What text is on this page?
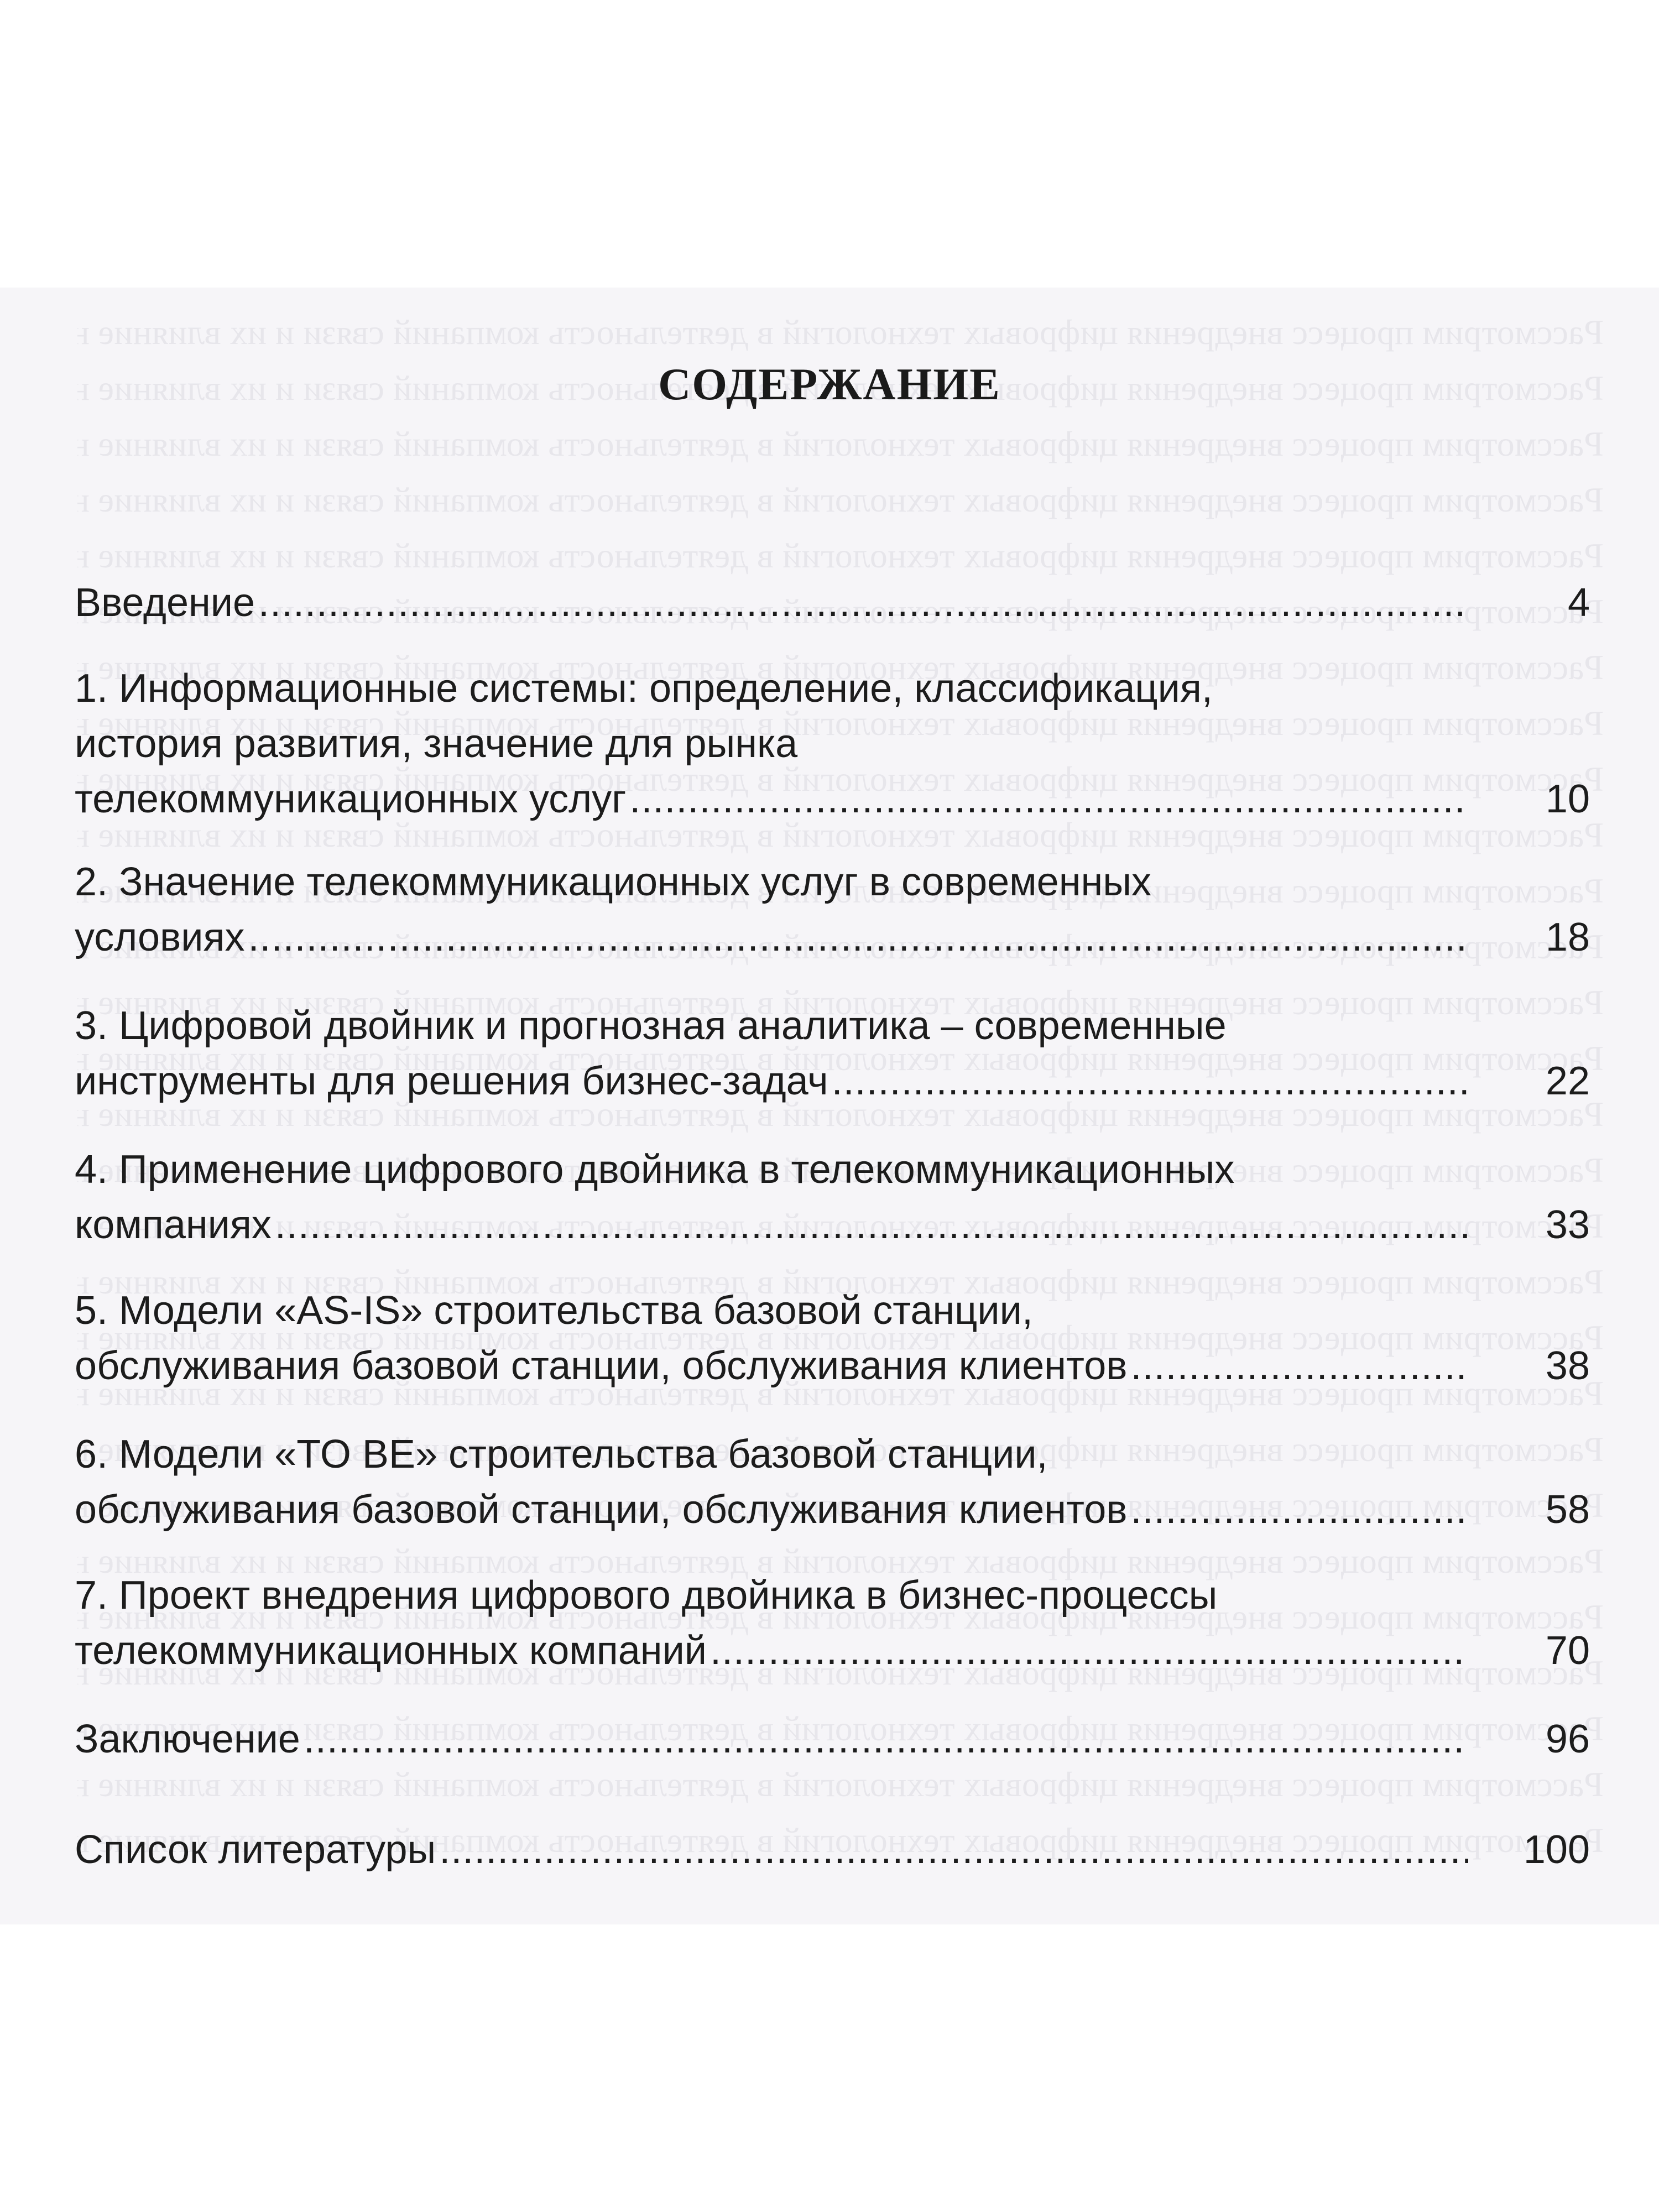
Рассмотрим процесс внедрения цифровых технологий в деятельность компаний связи и их влияние на рынок
Рассмотрим процесс внедрения цифровых технологий в деятельность компаний связи и их влияние на рынок
Рассмотрим процесс внедрения цифровых технологий в деятельность компаний связи и их влияние на рынок
Рассмотрим процесс внедрения цифровых технологий в деятельность компаний связи и их влияние на рынок
Рассмотрим процесс внедрения цифровых технологий в деятельность компаний связи и их влияние на рынок
Рассмотрим процесс внедрения цифровых технологий в деятельность компаний связи и их влияние на рынок
Рассмотрим процесс внедрения цифровых технологий в деятельность компаний связи и их влияние на рынок
Рассмотрим процесс внедрения цифровых технологий в деятельность компаний связи и их влияние на рынок
Рассмотрим процесс внедрения цифровых технологий в деятельность компаний связи и их влияние на рынок
Рассмотрим процесс внедрения цифровых технологий в деятельность компаний связи и их влияние на рынок
Рассмотрим процесс внедрения цифровых технологий в деятельность компаний связи и их влияние на рынок
Рассмотрим процесс внедрения цифровых технологий в деятельность компаний связи и их влияние на рынок
Рассмотрим процесс внедрения цифровых технологий в деятельность компаний связи и их влияние на рынок
Рассмотрим процесс внедрения цифровых технологий в деятельность компаний связи и их влияние на рынок
Рассмотрим процесс внедрения цифровых технологий в деятельность компаний связи и их влияние на рынок
Рассмотрим процесс внедрения цифровых технологий в деятельность компаний связи и их влияние на рынок
Рассмотрим процесс внедрения цифровых технологий в деятельность компаний связи и их влияние на рынок
Рассмотрим процесс внедрения цифровых технологий в деятельность компаний связи и их влияние на рынок
Рассмотрим процесс внедрения цифровых технологий в деятельность компаний связи и их влияние на рынок
Рассмотрим процесс внедрения цифровых технологий в деятельность компаний связи и их влияние на рынок
Рассмотрим процесс внедрения цифровых технологий в деятельность компаний связи и их влияние на рынок
Рассмотрим процесс внедрения цифровых технологий в деятельность компаний связи и их влияние на рынок
Рассмотрим процесс внедрения цифровых технологий в деятельность компаний связи и их влияние на рынок
Рассмотрим процесс внедрения цифровых технологий в деятельность компаний связи и их влияние на рынок
Рассмотрим процесс внедрения цифровых технологий в деятельность компаний связи и их влияние на рынок
Рассмотрим процесс внедрения цифровых технологий в деятельность компаний связи и их влияние на рынок
Рассмотрим процесс внедрения цифровых технологий в деятельность компаний связи и их влияние на рынок
Рассмотрим процесс внедрения цифровых технологий в деятельность компаний связи и их влияние на рынок
СОДЕРЖАНИЕ
Введение .....	4
1. Информационные системы: определение, классификация,
история развития, значение для рынка
телекоммуникационных услуг .....	10
2. Значение телекоммуникационных услуг в современных
условиях .....	18
3. Цифровой двойник и прогнозная аналитика – современные
инструменты для решения бизнес-задач .....	22
4. Применение цифрового двойника в телекоммуникационных
компаниях .....	33
5. Модели «AS-IS» строительства базовой станции,
обслуживания базовой станции, обслуживания клиентов .....	38
6. Модели «TO BE» строительства базовой станции,
обслуживания базовой станции, обслуживания клиентов .....	58
7. Проект внедрения цифрового двойника в бизнес-процессы
телекоммуникационных компаний .....	70
Заключение .....	96
Список литературы .....	100
